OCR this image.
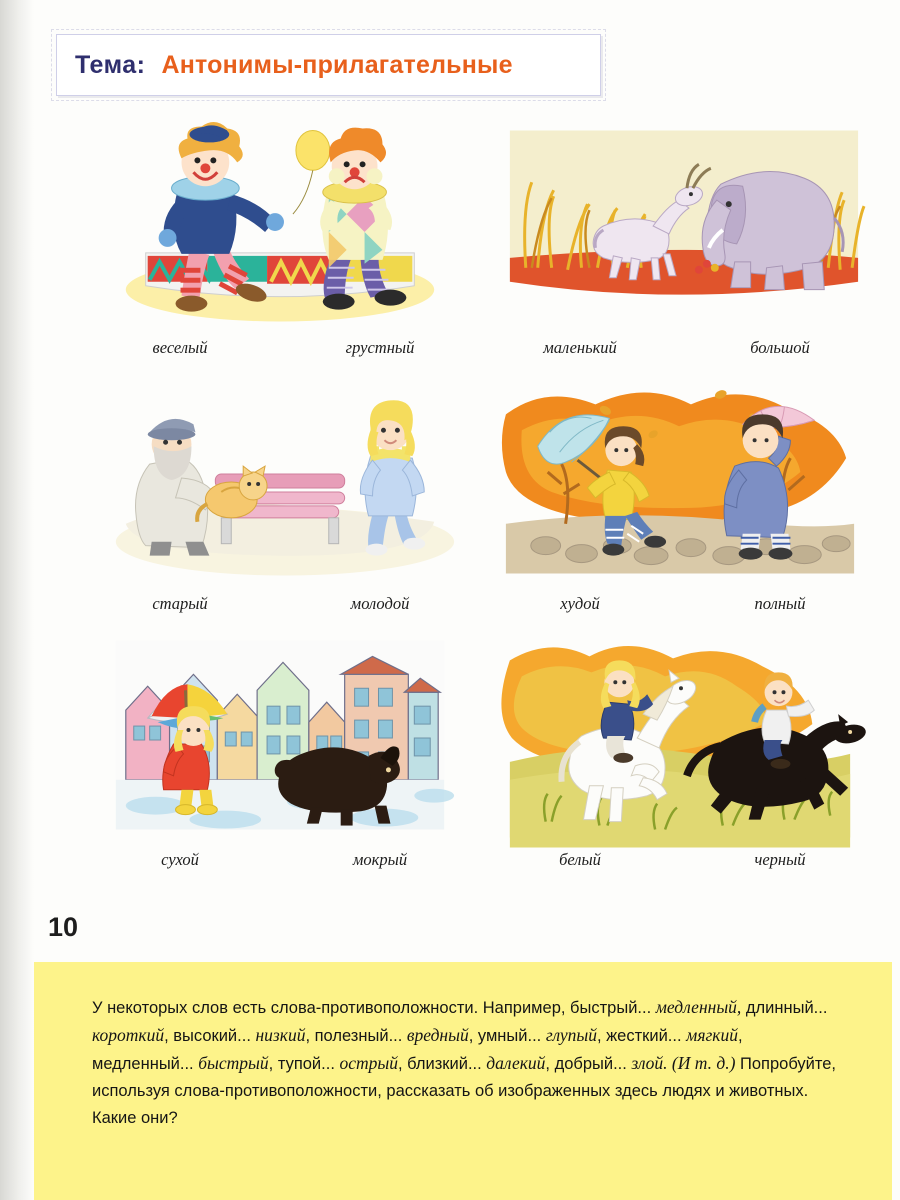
Тема: Антонимы-прилагательные
веселый	грустный	маленький	большой
старый	молодой	худой	полный
сухой	мокрый	белый	черный
10

У некоторых слов есть слова-противоположности. Например, быстрый... медленный, длинный... короткий, высокий... низкий, полезный... вредный, умный... глупый, жесткий... мягкий, медленный... быстрый, тупой... острый, близкий... далекий, добрый... злой. (И т. д.) Попробуйте, используя слова-противоположности, рассказать об изображенных здесь людях и животных. Какие они?
